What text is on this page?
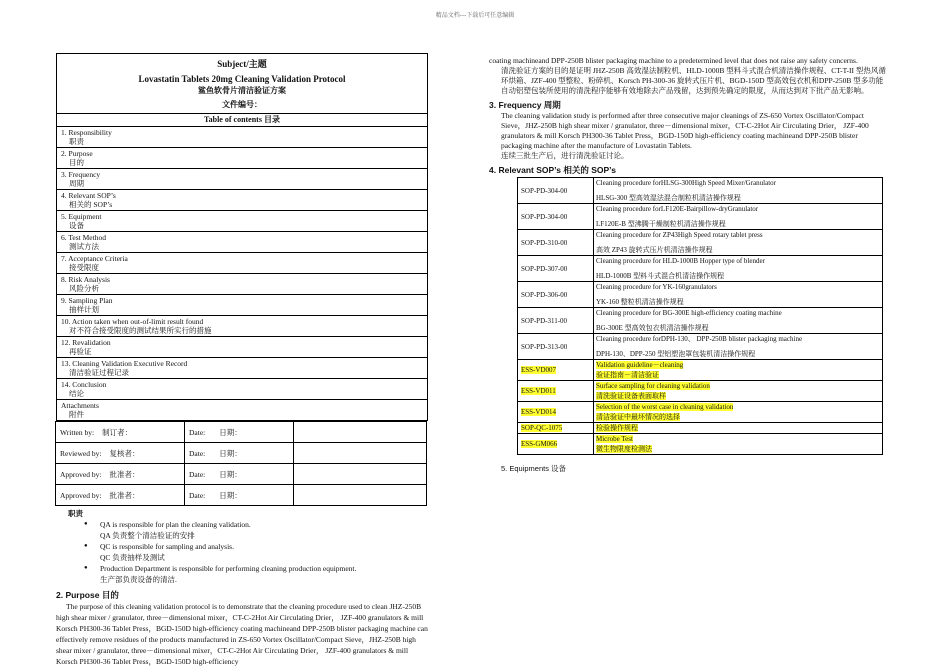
精品文档---下载后可任意编辑
Subject/主题
Lovastatin Tablets 20mg Cleaning Validation Protocol
鲨鱼软骨片清洁验证方案
文件编号：
Table of contents 目录
1. Responsibility
职责
2. Purpose
目的
3. Frequency
周期
4. Relevant SOP’s
相关的 SOP’s
5. Equipment
设备
6. Test Method
测试方法
7. Acceptance Criteria
接受限度
8. Risk Analysis
风险分析
9. Sampling Plan
抽样计划
10. Action taken when out-of-limit result found
对不符合接受限度的测试结果所实行的措施
12. Revalidation
再验证
13. Cleaning Validation Executive Record
清洁验证过程记录
14. Conclusion
结论
Attachments
附件
Written by: 制订者：	Date: 日期：	
Reviewed by: 复核者：	Date: 日期：	
Approved by: 批准者：	Date: 日期：	
Approved by: 批准者：	Date: 日期：	
职责
● QA is responsible for plan the cleaning validation.
QA 负责整个清洁验证的安排
● QC is responsible for sampling and analysis.
QC 负责抽样及测试
● Production Department is responsible for performing cleaning production equipment.
生产部负责设备的清洁.
2. Purpose 目的
The purpose of this cleaning validation protocol is to demonstrate that the cleaning procedure used to clean JHZ-250B high shear mixer / granulator, three－dimensional mixer，CT-C-2Hot Air Circulating Drier， JZF-400 granulators & mill Korsch PH300-36 Tablet Press，BGD-150D high-efficiency coating machineand DPP-250B blister packaging machine can effectively remove residues of the products manufactured in ZS-650 Vortex Oscillator/Compact Sieve，JHZ-250B high shear mixer / granulator, three－dimensional mixer，CT-C-2Hot Air Circulating Drier， JZF-400 granulators & mill Korsch PH300-36 Tablet Press，BGD-150D high-efficiency
coating machineand DPP-250B blister packaging machine to a predetermined level that does not raise any safety concerns.
清洗验证方案的目的是证明 JHZ-250B 高效湿法制粒机、HLD-1000B 型料斗式混合机清洁操作规程、CT-T-II 型热风循环烘箱、JZF-400 型整粒、粉碎机、Korsch PH-300-36 旋转式压片机、BGD-150D 型高效包衣机和DPP-250B 型多功能自动铝塑包装所使用的清洗程序能够有效地除去产品残留，达到预先确定的限度，从而达到对下批产品无影响。
3. Frequency 周期
The cleaning validation study is performed after three consecutive major cleanings of ZS-650 Vortex Oscillator/Compact Sieve，JHZ-250B high shear mixer / granulator, three－dimensional mixer，CT-C-2Hot Air Circulating Drier， JZF-400 granulators & mill Korsch PH300-36 Tablet Press，BGD-150D high-efficiency coating machineand DPP-250B blister packaging machine after the manufacture of Lovastatin Tablets.
连续三批生产后，进行清洗验证讨论。
4. Relevant SOP’s 相关的 SOP’s
SOP-PD-304-00	Cleaning procedure forHLSG-300High Speed Mixer/Granulator
HLSG-300 型高效湿法混合制粒机清洁操作规程

SOP-PD-304-00	Cleaning procedure forLF120E-Bairpillow-dryGranulator
LF120E-B 型沸腾干燥制粒机清洁操作规程

SOP-PD-310-00	Cleaning procedure for ZP43High Speed rotary tablet press
高效 ZP43 旋转式压片机清洁操作规程

SOP-PD-307-00	Cleaning procedure for HLD-1000B Hopper type of blender
HLD-1000B 型料斗式混合机清洁操作规程

SOP-PD-306-00	Cleaning procedure for YK-160granulators
YK-160 整粒机清洁操作规程

SOP-PD-311-00	Cleaning procedure for BG-300E high-efficiency coating machine
BG-300E 型高效包衣机清洁操作规程

SOP-PD-313-00	Cleaning procedure forDPH-130、 DPP-250B blister packaging machine
DPH-130、DPP-250 型铝塑泡罩包装机清洁操作规程

ESS-VD007	Validation guideline－cleaning
验证指南－清洁验证

ESS-VD011	Surface sampling for cleaning validation
清洗验证设备表面取样

ESS-VD014	Selection of the worst case in cleaning validation
清洁验证中最坏情况的选择

SOP-QC-1075	检验操作规程

ESS-GM066	Microbe Test
微生物限度检测法
5. Equipments 设备
